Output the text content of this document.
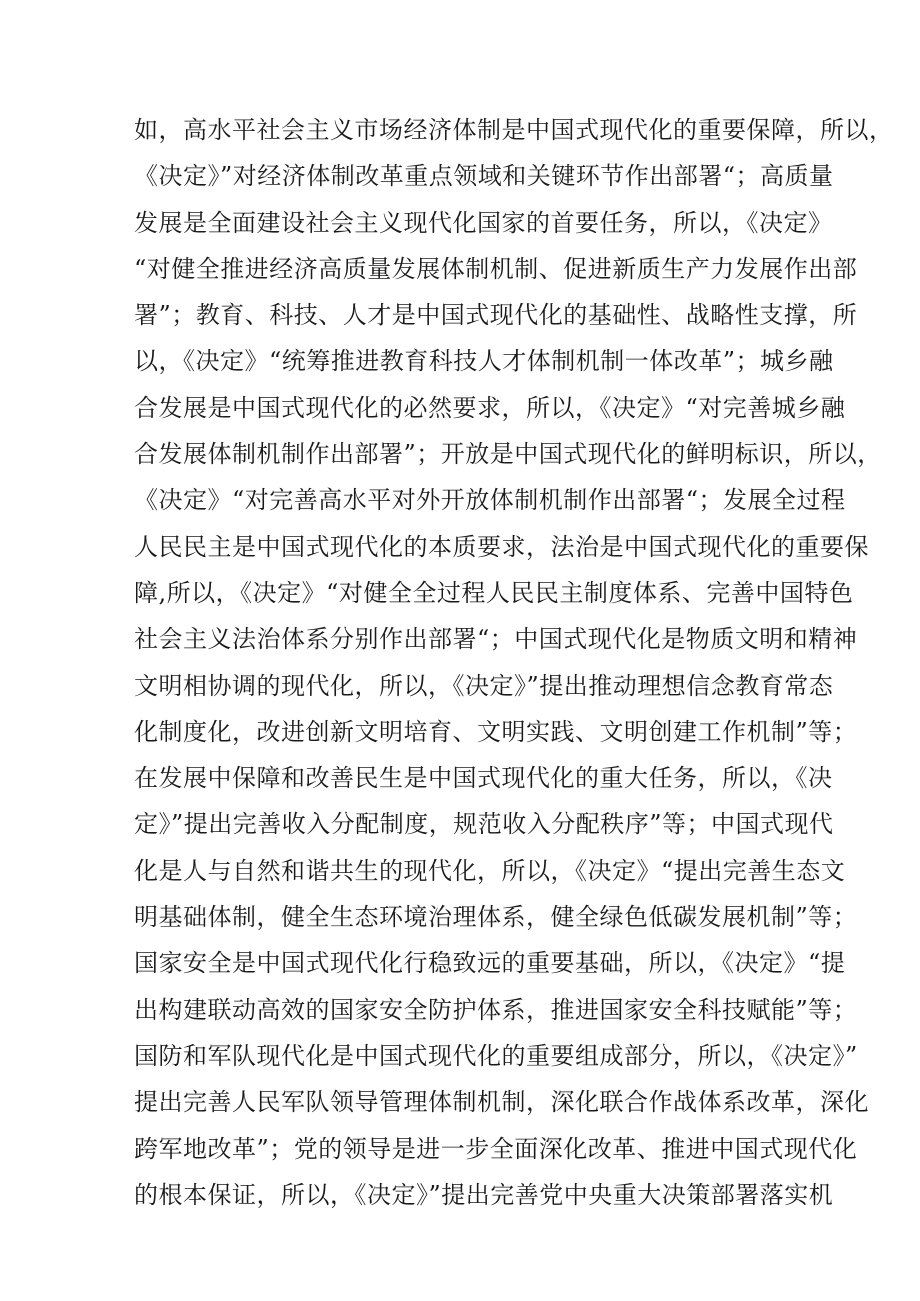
如，高水平社会主义市场经济体制是中国式现代化的重要保障，所以，
《决定》”对经济体制改革重点领域和关键环节作出部署“；高质量
发展是全面建设社会主义现代化国家的首要任务，所以，《决定》
“对健全推进经济高质量发展体制机制、促进新质生产力发展作出部
署”；教育、科技、人才是中国式现代化的基础性、战略性支撑，所
以，《决定》“统筹推进教育科技人才体制机制一体改革”；城乡融
合发展是中国式现代化的必然要求，所以，《决定》“对完善城乡融
合发展体制机制作出部署”；开放是中国式现代化的鲜明标识，所以，
《决定》“对完善高水平对外开放体制机制作出部署“；发展全过程
人民民主是中国式现代化的本质要求，法治是中国式现代化的重要保
障,所以，《决定》“对健全全过程人民民主制度体系、完善中国特色
社会主义法治体系分别作出部署“；中国式现代化是物质文明和精神
文明相协调的现代化，所以，《决定》”提出推动理想信念教育常态
化制度化，改进创新文明培育、文明实践、文明创建工作机制”等；
在发展中保障和改善民生是中国式现代化的重大任务，所以，《决
定》”提出完善收入分配制度，规范收入分配秩序”等；中国式现代
化是人与自然和谐共生的现代化，所以，《决定》“提出完善生态文
明基础体制，健全生态环境治理体系，健全绿色低碳发展机制”等；
国家安全是中国式现代化行稳致远的重要基础，所以，《决定》“提
出构建联动高效的国家安全防护体系，推进国家安全科技赋能”等；
国防和军队现代化是中国式现代化的重要组成部分，所以，《决定》”
提出完善人民军队领导管理体制机制，深化联合作战体系改革，深化
跨军地改革”；党的领导是进一步全面深化改革、推进中国式现代化
的根本保证，所以，《决定》”提出完善党中央重大决策部署落实机
